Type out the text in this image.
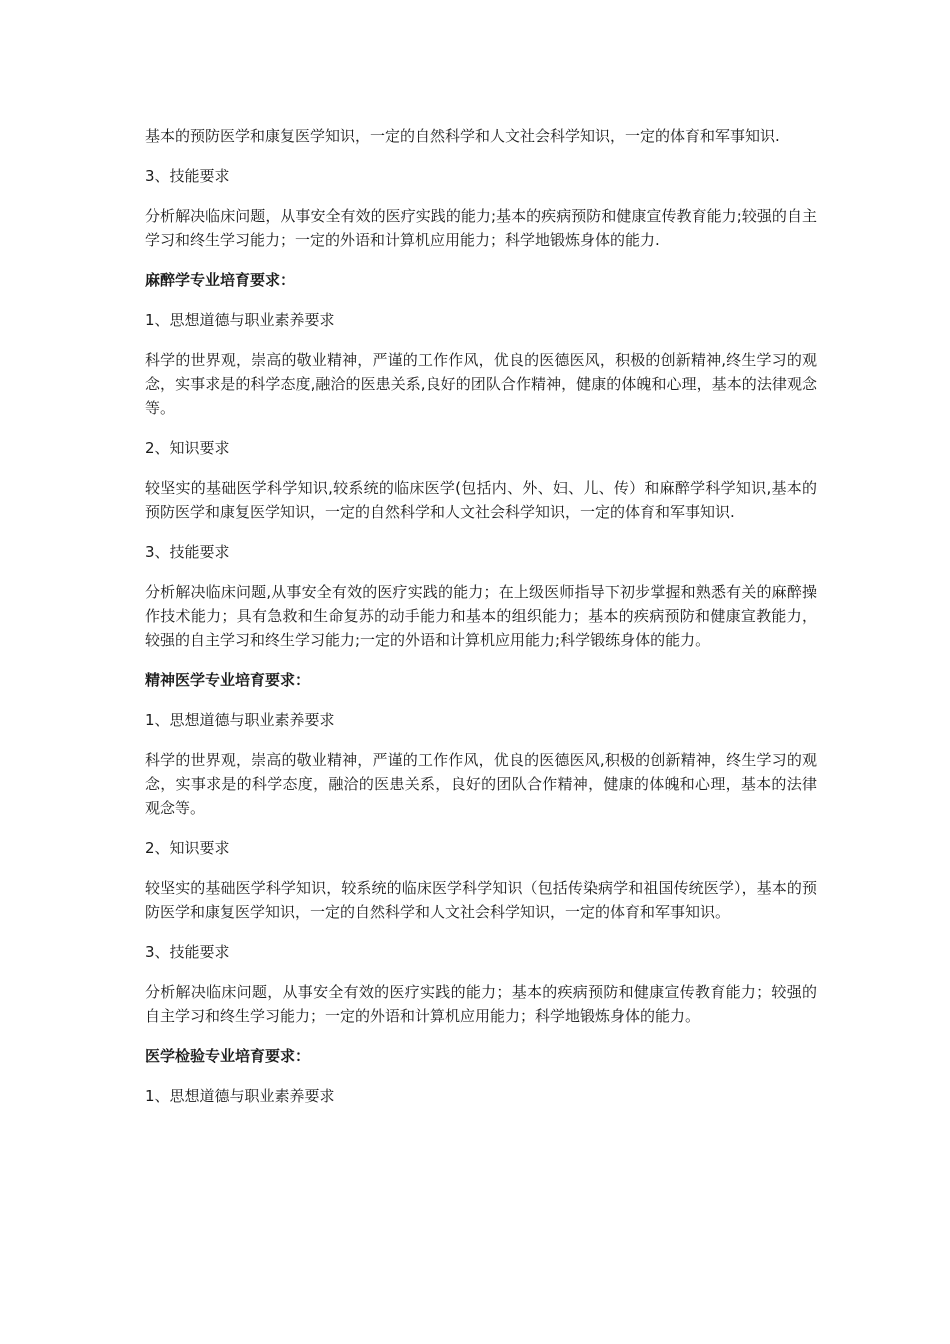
基本的预防医学和康复医学知识，一定的自然科学和人文社会科学知识，一定的体育和军事知识.

3、技能要求

分析解决临床问题，从事安全有效的医疗实践的能力;基本的疾病预防和健康宣传教育能力;较强的自主学习和终生学习能力；一定的外语和计算机应用能力；科学地锻炼身体的能力.

麻醉学专业培育要求：

1、思想道德与职业素养要求

科学的世界观，崇高的敬业精神，严谨的工作作风，优良的医德医风，积极的创新精神,终生学习的观念，实事求是的科学态度,融洽的医患关系,良好的团队合作精神，健康的体魄和心理，基本的法律观念等。

2、知识要求

较坚实的基础医学科学知识,较系统的临床医学(包括内、外、妇、儿、传）和麻醉学科学知识,基本的预防医学和康复医学知识，一定的自然科学和人文社会科学知识，一定的体育和军事知识.

3、技能要求

分析解决临床问题,从事安全有效的医疗实践的能力；在上级医师指导下初步掌握和熟悉有关的麻醉操作技术能力；具有急救和生命复苏的动手能力和基本的组织能力；基本的疾病预防和健康宣教能力，较强的自主学习和终生学习能力;一定的外语和计算机应用能力;科学锻练身体的能力。

精神医学专业培育要求：

1、思想道德与职业素养要求

科学的世界观，崇高的敬业精神，严谨的工作作风，优良的医德医风,积极的创新精神，终生学习的观念，实事求是的科学态度，融洽的医患关系，良好的团队合作精神，健康的体魄和心理，基本的法律观念等。

2、知识要求

较坚实的基础医学科学知识，较系统的临床医学科学知识（包括传染病学和祖国传统医学），基本的预防医学和康复医学知识，一定的自然科学和人文社会科学知识，一定的体育和军事知识。

3、技能要求

分析解决临床问题，从事安全有效的医疗实践的能力；基本的疾病预防和健康宣传教育能力；较强的自主学习和终生学习能力；一定的外语和计算机应用能力；科学地锻炼身体的能力。

医学检验专业培育要求：

1、思想道德与职业素养要求
